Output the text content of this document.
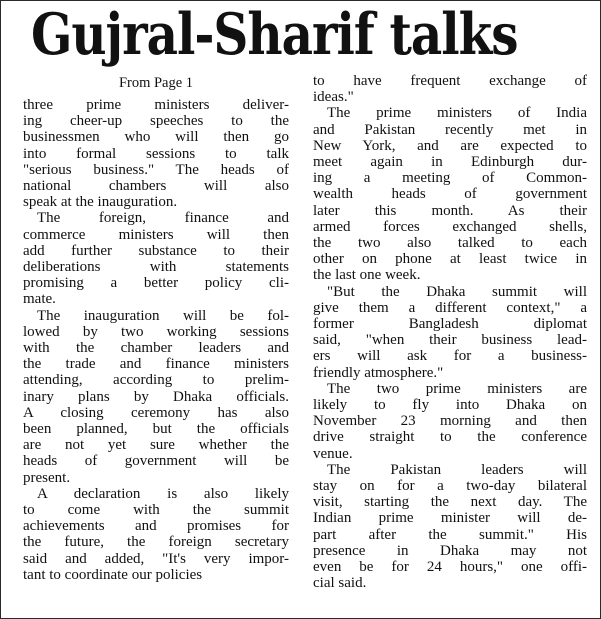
Gujral-Sharif talks
From Page 1
three prime ministers deliver-
ing cheer-up speeches to the
businessmen who will then go
into formal sessions to talk
"serious business." The heads of
national chambers will also
speak at the inauguration.
The foreign, finance and
commerce ministers will then
add further substance to their
deliberations with statements
promising a better policy cli-
mate.
The inauguration will be fol-
lowed by two working sessions
with the chamber leaders and
the trade and finance ministers
attending, according to prelim-
inary plans by Dhaka officials.
A closing ceremony has also
been planned, but the officials
are not yet sure whether the
heads of government will be
present.
A declaration is also likely
to come with the summit
achievements and promises for
the future, the foreign secretary
said and added, "It's very impor-
tant to coordinate our policies
to have frequent exchange of
ideas."
The prime ministers of India
and Pakistan recently met in
New York, and are expected to
meet again in Edinburgh dur-
ing a meeting of Common-
wealth heads of government
later this month. As their
armed forces exchanged shells,
the two also talked to each
other on phone at least twice in
the last one week.
"But the Dhaka summit will
give them a different context," a
former Bangladesh diplomat
said, "when their business lead-
ers will ask for a business-
friendly atmosphere."
The two prime ministers are
likely to fly into Dhaka on
November 23 morning and then
drive straight to the conference
venue.
The Pakistan leaders will
stay on for a two-day bilateral
visit, starting the next day. The
Indian prime minister will de-
part after the summit." His
presence in Dhaka may not
even be for 24 hours," one offi-
cial said.
